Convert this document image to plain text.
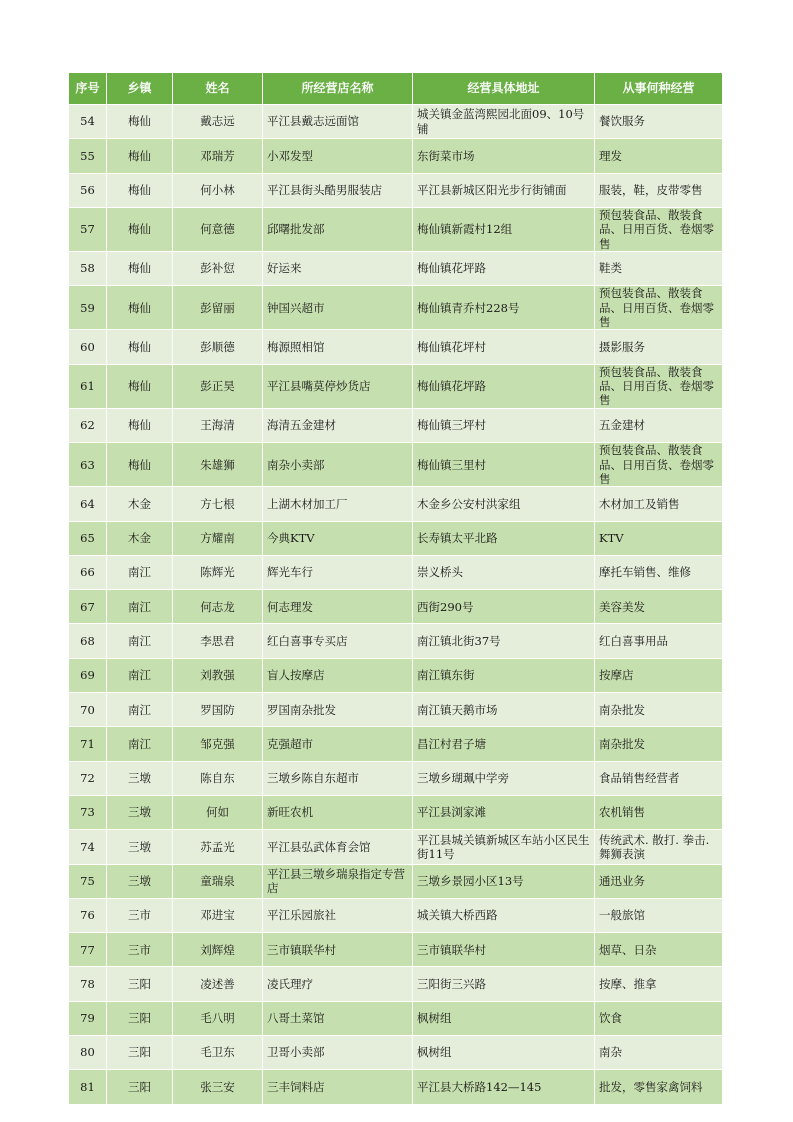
序号	乡镇	姓名	所经营店名称	经营具体地址	从事何种经营
54	梅仙	戴志远	平江县戴志远面馆	城关镇金蓝湾熙园北面09、10号铺	餐饮服务
55	梅仙	邓瑞芳	小邓发型	东街菜市场	理发
56	梅仙	何小林	平江县街头酷男服装店	平江县新城区阳光步行街铺面	服装，鞋，皮带零售
57	梅仙	何意德	邱曙批发部	梅仙镇新霞村12组	预包装食品、散装食品、日用百货、卷烟零售
58	梅仙	彭补愆	好运来	梅仙镇花坪路	鞋类
59	梅仙	彭留丽	钟国兴超市	梅仙镇青乔村228号	预包装食品、散装食品、日用百货、卷烟零售
60	梅仙	彭顺德	梅源照相馆	梅仙镇花坪村	摄影服务
61	梅仙	彭正昊	平江县嘴莫停炒货店	梅仙镇花坪路	预包装食品、散装食品、日用百货、卷烟零售
62	梅仙	王海清	海清五金建材	梅仙镇三坪村	五金建材
63	梅仙	朱雄狮	南杂小卖部	梅仙镇三里村	预包装食品、散装食品、日用百货、卷烟零售
64	木金	方七根	上湖木材加工厂	木金乡公安村洪家组	木材加工及销售
65	木金	方耀南	今典KTV	长寿镇太平北路	KTV
66	南江	陈辉光	辉光车行	崇义桥头	摩托车销售、维修
67	南江	何志龙	何志理发	西街290号	美容美发
68	南江	李思君	红白喜事专买店	南江镇北街37号	红白喜事用品
69	南江	刘教强	盲人按摩店	南江镇东街	按摩店
70	南江	罗国防	罗国南杂批发	南江镇天鹅市场	南杂批发
71	南江	邹克强	克强超市	昌江村君子塘	南杂批发
72	三墩	陈自东	三墩乡陈自东超市	三墩乡瑚珮中学旁	食品销售经营者
73	三墩	何如	新旺农机	平江县浏家滩	农机销售
74	三墩	苏孟光	平江县弘武体育会馆	平江县城关镇新城区车站小区民生街11号	传统武术. 散打. 拳击. 舞狮表演
75	三墩	童瑞泉	平江县三墩乡瑞泉指定专营店	三墩乡景园小区13号	通迅业务
76	三市	邓进宝	平江乐园旅社	城关镇大桥西路	一般旅馆
77	三市	刘辉煌	三市镇联华村	三市镇联华村	烟草、日杂
78	三阳	凌述善	凌氏理疗	三阳街三兴路	按摩、推拿
79	三阳	毛八明	八哥土菜馆	枫树组	饮食
80	三阳	毛卫东	卫哥小卖部	枫树组	南杂
81	三阳	张三安	三丰饲料店	平江县大桥路142—145	批发，零售家禽饲料
